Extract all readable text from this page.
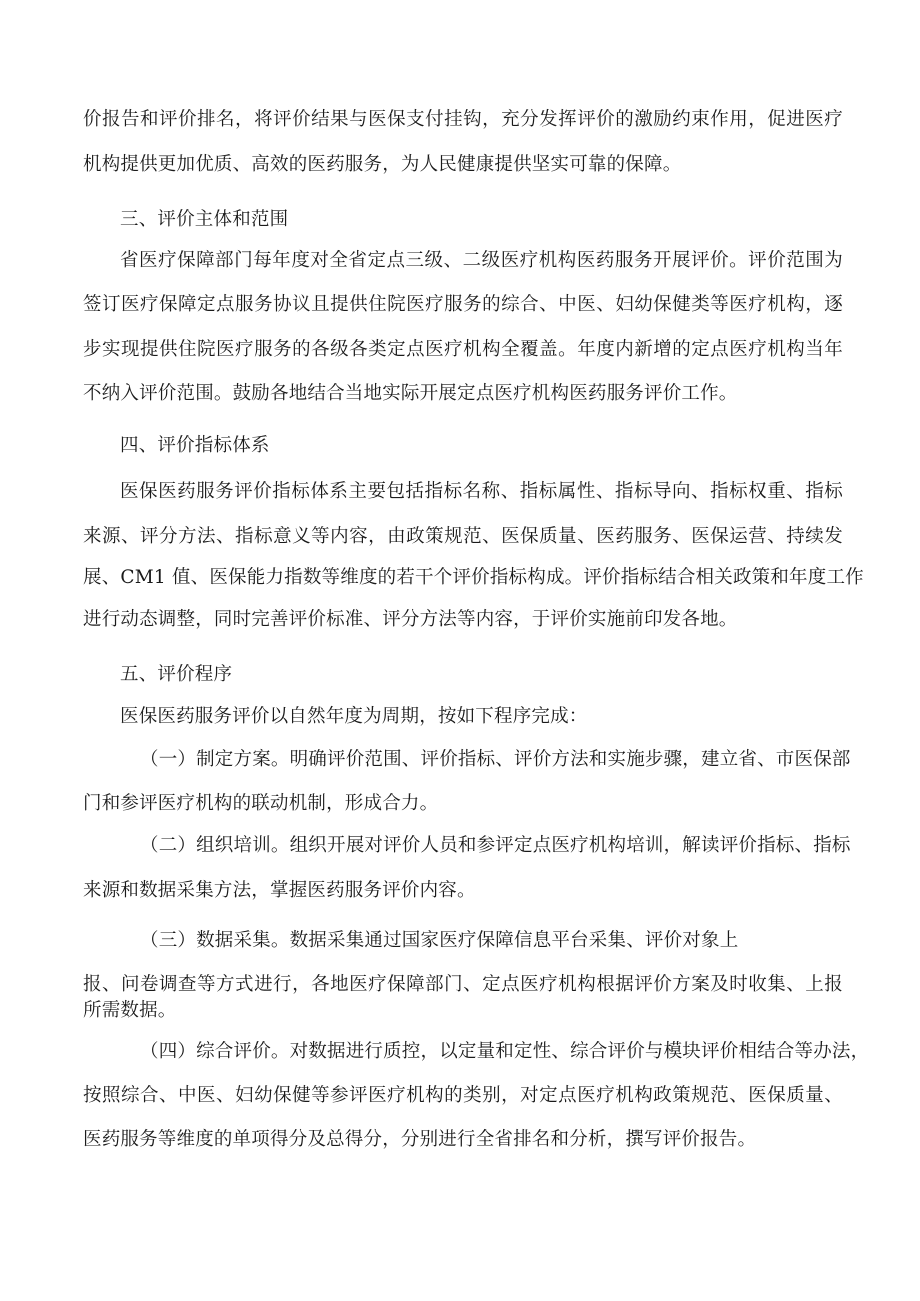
价报告和评价排名，将评价结果与医保支付挂钩，充分发挥评价的激励约束作用，促进医疗
机构提供更加优质、高效的医药服务，为人民健康提供坚实可靠的保障。
三、评价主体和范围
省医疗保障部门每年度对全省定点三级、二级医疗机构医药服务开展评价。评价范围为
签订医疗保障定点服务协议且提供住院医疗服务的综合、中医、妇幼保健类等医疗机构，逐
步实现提供住院医疗服务的各级各类定点医疗机构全覆盖。年度内新增的定点医疗机构当年
不纳入评价范围。鼓励各地结合当地实际开展定点医疗机构医药服务评价工作。
四、评价指标体系
医保医药服务评价指标体系主要包括指标名称、指标属性、指标导向、指标权重、指标
来源、评分方法、指标意义等内容，由政策规范、医保质量、医药服务、医保运营、持续发
展、CM1 值、医保能力指数等维度的若干个评价指标构成。评价指标结合相关政策和年度工作
进行动态调整，同时完善评价标准、评分方法等内容，于评价实施前印发各地。
五、评价程序
医保医药服务评价以自然年度为周期，按如下程序完成：
（一）制定方案。明确评价范围、评价指标、评价方法和实施步骤，建立省、市医保部
门和参评医疗机构的联动机制，形成合力。
（二）组织培训。组织开展对评价人员和参评定点医疗机构培训，解读评价指标、指标
来源和数据采集方法，掌握医药服务评价内容。
（三）数据采集。数据采集通过国家医疗保障信息平台采集、评价对象上
报、问卷调查等方式进行，各地医疗保障部门、定点医疗机构根据评价方案及时收集、上报
所需数据。
（四）综合评价。对数据进行质控，以定量和定性、综合评价与模块评价相结合等办法，
按照综合、中医、妇幼保健等参评医疗机构的类别，对定点医疗机构政策规范、医保质量、
医药服务等维度的单项得分及总得分，分别进行全省排名和分析，撰写评价报告。
